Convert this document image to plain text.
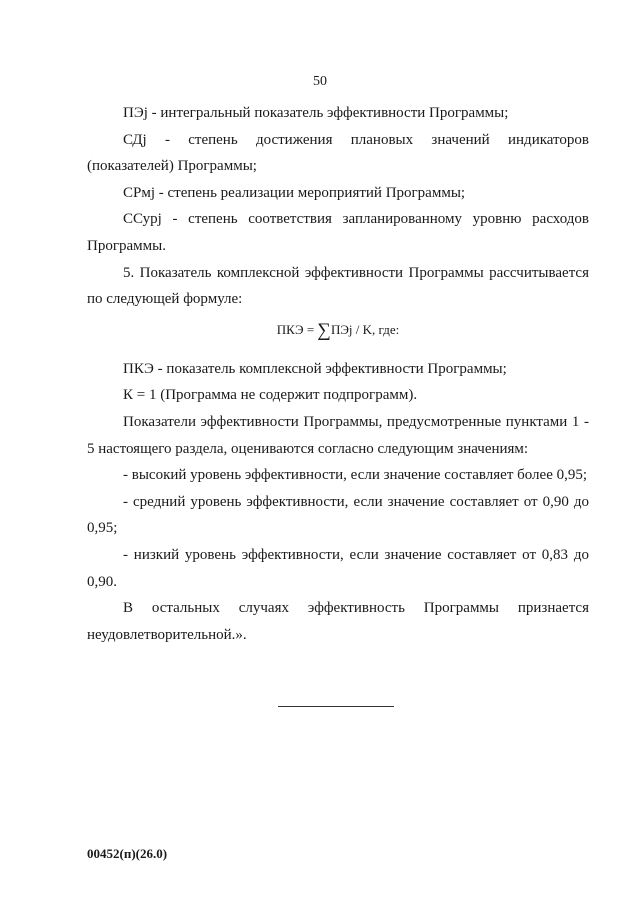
50

ПЭj - интегральный показатель эффективности Программы;

СДj - степень достижения плановых значений индикаторов (показателей) Программы;

СРмj - степень реализации мероприятий Программы;

ССурj - степень соответствия запланированному уровню расходов Программы.

5. Показатель комплексной эффективности Программы рассчитывается по следующей формуле:

ПКЭ = ∑ПЭj / K, где:

ПКЭ - показатель комплексной эффективности Программы;

К = 1 (Программа не содержит подпрограмм).

Показатели эффективности Программы, предусмотренные пунктами 1 - 5 настоящего раздела, оцениваются согласно следующим значениям:

- высокий уровень эффективности, если значение составляет более 0,95;

- средний уровень эффективности, если значение составляет от 0,90 до 0,95;

- низкий уровень эффективности, если значение составляет от 0,83 до 0,90.

В остальных случаях эффективность Программы признается неудовлетворительной.».

00452(п)(26.0)
